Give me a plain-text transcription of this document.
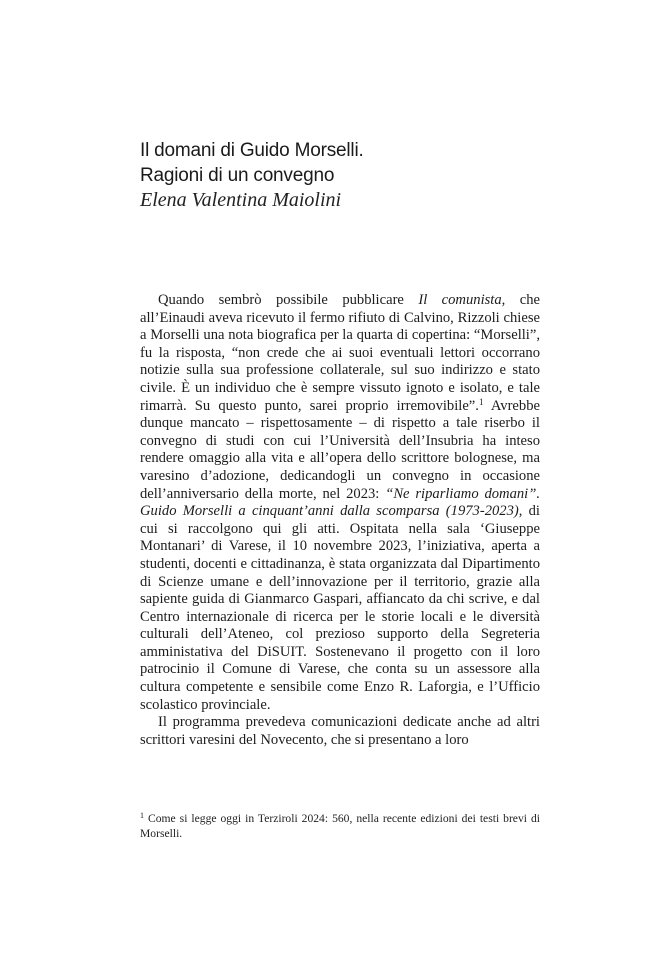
Il domani di Guido Morselli.
Ragioni di un convegno
Elena Valentina Maiolini

Quando sembrò possibile pubblicare Il comunista, che all’Einaudi aveva ricevuto il fermo rifiuto di Calvino, Rizzoli chiese a Morselli una nota biografica per la quarta di copertina: “Morselli”, fu la risposta, “non crede che ai suoi eventuali lettori occorrano notizie sulla sua professione collaterale, sul suo indirizzo e stato civile. È un individuo che è sempre vissuto ignoto e isolato, e tale rimarrà. Su questo punto, sarei proprio irremovibile”.$^1$ Avrebbe dunque mancato – rispettosamente – di rispetto a tale riserbo il convegno di studi con cui l’Università dell’Insubria ha inteso rendere omaggio alla vita e all’opera dello scrittore bolognese, ma varesino d’adozione, dedicandogli un convegno in occasione dell’anniversario della morte, nel 2023: “Ne riparliamo domani”. Guido Morselli a cinquant’anni dalla scomparsa (1973-2023), di cui si raccolgono qui gli atti. Ospitata nella sala ‘Giuseppe Montanari’ di Varese, il 10 novembre 2023, l’iniziativa, aperta a studenti, docenti e cittadinanza, è stata organizzata dal Dipartimento di Scienze umane e dell’innovazione per il territorio, grazie alla sapiente guida di Gianmarco Gaspari, affiancato da chi scrive, e dal Centro internazionale di ricerca per le storie locali e le diversità culturali dell’Ateneo, col prezioso supporto della Segreteria amministativa del DiSUIT. Sostenevano il progetto con il loro patrocinio il Comune di Varese, che conta su un assessore alla cultura competente e sensibile come Enzo R. Laforgia, e l’Ufficio scolastico provinciale.

Il programma prevedeva comunicazioni dedicate anche ad altri scrittori varesini del Novecento, che si presentano a loro

$^1$ Come si legge oggi in Terziroli 2024: 560, nella recente edizioni dei testi brevi di Morselli.
